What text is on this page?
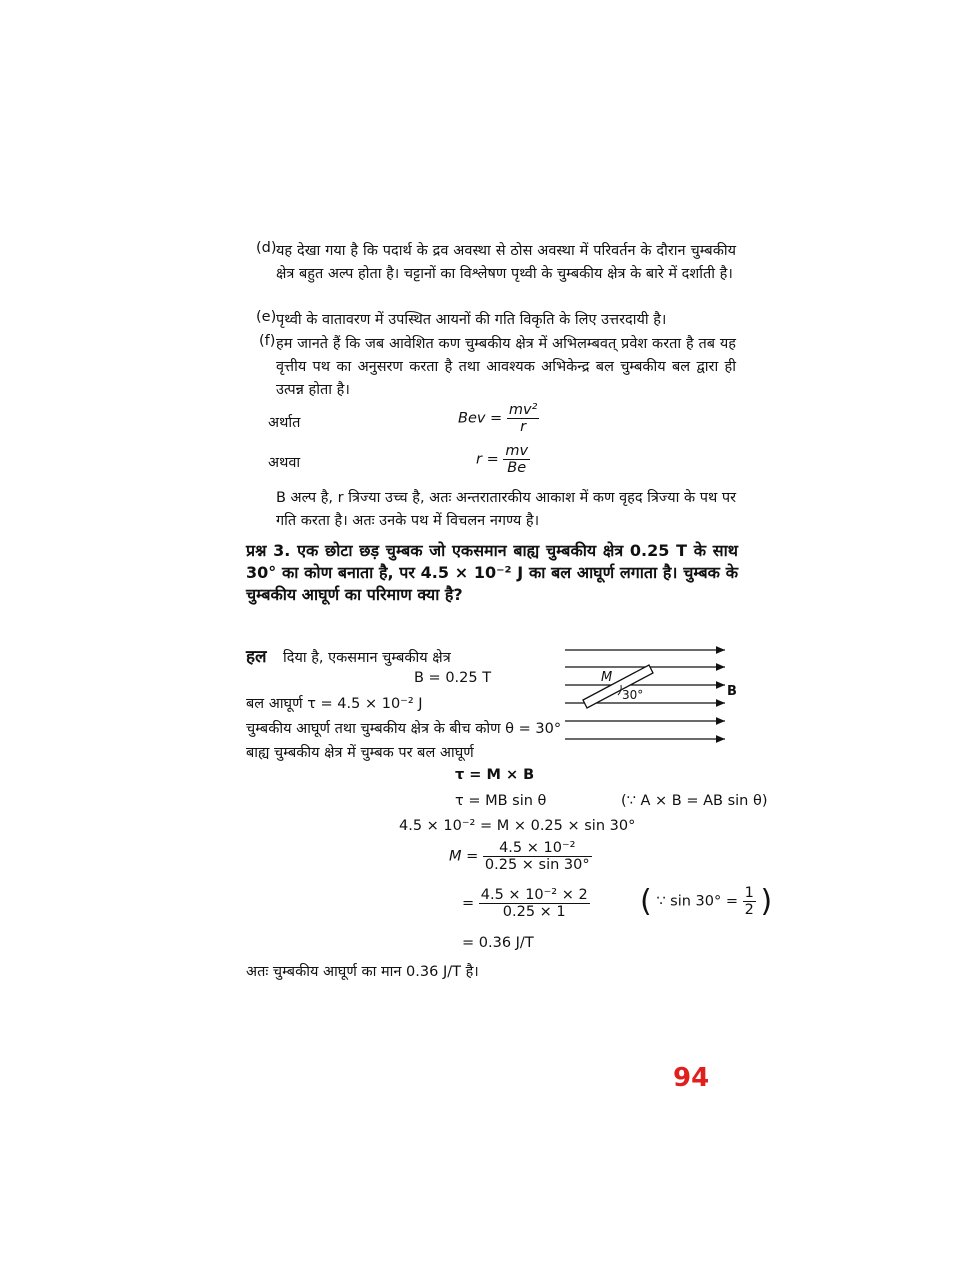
(d) यह देखा गया है कि पदार्थ के द्रव अवस्था से ठोस अवस्था में परिवर्तन के दौरान चुम्बकीय क्षेत्र बहुत अल्प होता है। चट्टानों का विश्लेषण पृथ्वी के चुम्बकीय क्षेत्र के बारे में दर्शाती है।
(e) पृथ्वी के वातावरण में उपस्थित आयनों की गति विकृति के लिए उत्तरदायी है।
(f) हम जानते हैं कि जब आवेशित कण चुम्बकीय क्षेत्र में अभिलम्बवत् प्रवेश करता है तब यह वृत्तीय पथ का अनुसरण करता है तथा आवश्यक अभिकेन्द्र बल चुम्बकीय बल द्वारा ही उत्पन्न होता है।
अर्थात	Bev = $\frac{\text{mv²}}{r}$
अथवा	$r = \frac{mv}{Be}$
B अल्प है, r त्रिज्या उच्च है, अतः अन्तरातारकीय आकाश में कण वृहद त्रिज्या के पथ पर गति करता है। अतः उनके पथ में विचलन नगण्य है।
प्रश्न 3. एक छोटा छड़ चुम्बक जो एकसमान बाह्य चुम्बकीय क्षेत्र 0.25 T के साथ 30° का कोण बनाता है, पर 4.5 × 10⁻² J का बल आघूर्ण लगाता है। चुम्बक के चुम्बकीय आघूर्ण का परिमाण क्या है?
हल दिया है, एकसमान चुम्बकीय क्षेत्र
B = 0.25 T
बल आघूर्ण τ = 4.5 × 10⁻² J
चुम्बकीय आघूर्ण तथा चुम्बकीय क्षेत्र के बीच कोण θ = 30°
बाह्य चुम्बकीय क्षेत्र में चुम्बक पर बल आघूर्ण
τ = M × B
τ = MB sin θ	(∵ A × B = AB sin θ)
4.5 × 10⁻² = M × 0.25 × sin 30°
$M = \frac{\text{4.5 × 10⁻²}}{0.25 \times \sin 30^\circ}$
= $\frac{\text{4.5 × 10⁻² × 2}}{0.25 \times 1}$ ( ∵ $\sin 30^\circ = \frac{1}{2}$ )
= 0.36 J/T
अतः चुम्बकीय आघूर्ण का मान 0.36 J/T है।
M
30°	B
94
